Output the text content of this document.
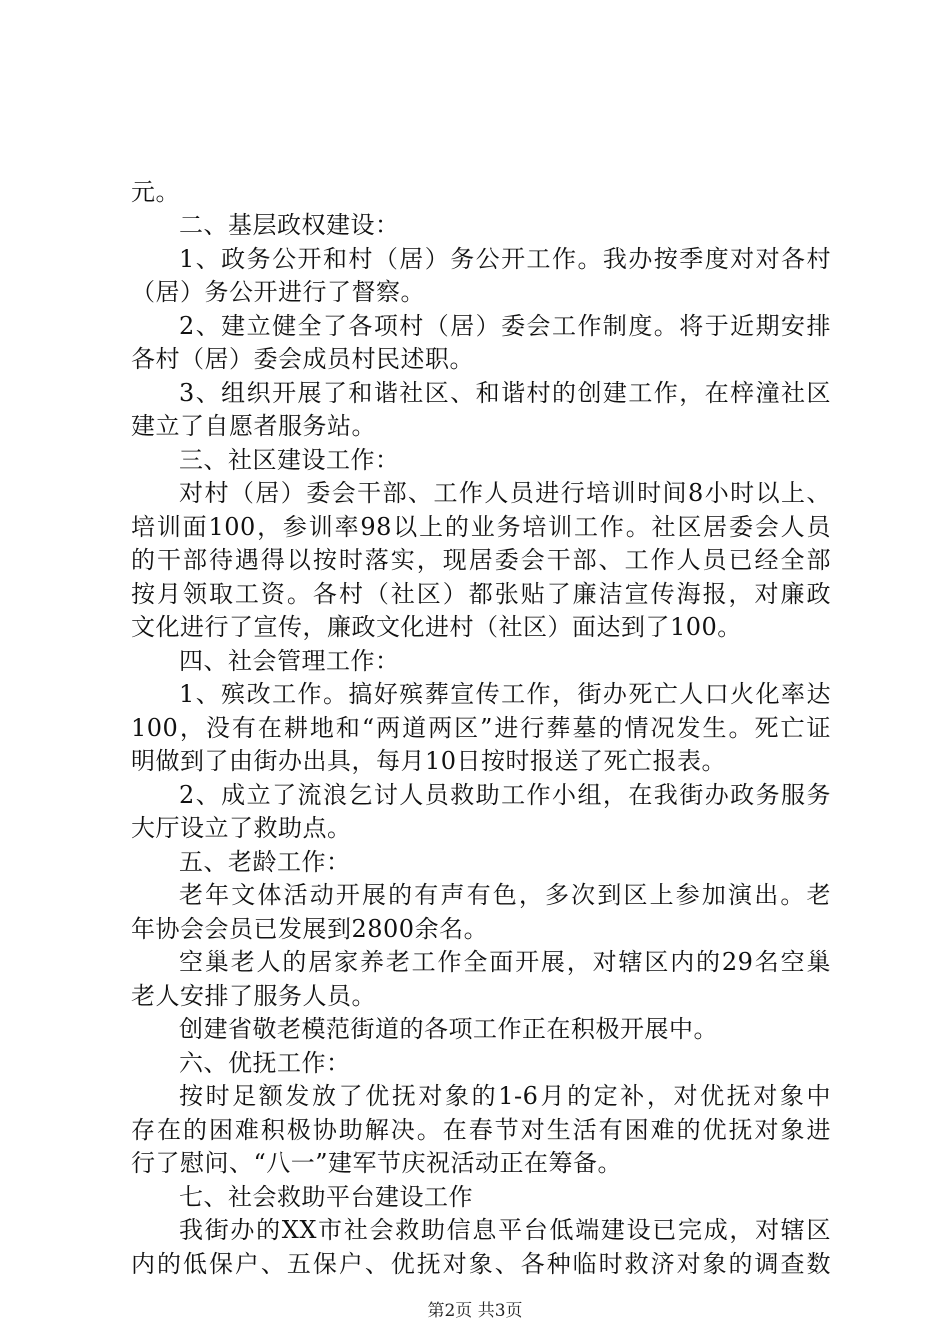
元。
二、基层政权建设：
1、政务公开和村（居）务公开工作。我办按季度对对各村
（居）务公开进行了督察。
2、建立健全了各项村（居）委会工作制度。将于近期安排
各村（居）委会成员村民述职。
3、组织开展了和谐社区、和谐村的创建工作，在梓潼社区
建立了自愿者服务站。
三、社区建设工作：
对村（居）委会干部、工作人员进行培训时间8小时以上、
培训面100，参训率98以上的业务培训工作。社区居委会人员
的干部待遇得以按时落实，现居委会干部、工作人员已经全部
按月领取工资。各村（社区）都张贴了廉洁宣传海报，对廉政
文化进行了宣传，廉政文化进村（社区）面达到了100。
四、社会管理工作：
1、殡改工作。搞好殡葬宣传工作，街办死亡人口火化率达
100，没有在耕地和“两道两区”进行葬墓的情况发生。死亡证
明做到了由街办出具，每月10日按时报送了死亡报表。
2、成立了流浪乞讨人员救助工作小组，在我街办政务服务
大厅设立了救助点。
五、老龄工作：
老年文体活动开展的有声有色，多次到区上参加演出。老
年协会会员已发展到2800余名。
空巢老人的居家养老工作全面开展，对辖区内的29名空巢
老人安排了服务人员。
创建省敬老模范街道的各项工作正在积极开展中。
六、优抚工作：
按时足额发放了优抚对象的1-6月的定补，对优抚对象中
存在的困难积极协助解决。在春节对生活有困难的优抚对象进
行了慰问、“八一”建军节庆祝活动正在筹备。
七、社会救助平台建设工作
我街办的XX市社会救助信息平台低端建设已完成，对辖区
内的低保户、五保户、优抚对象、各种临时救济对象的调查数
第2页 共3页
